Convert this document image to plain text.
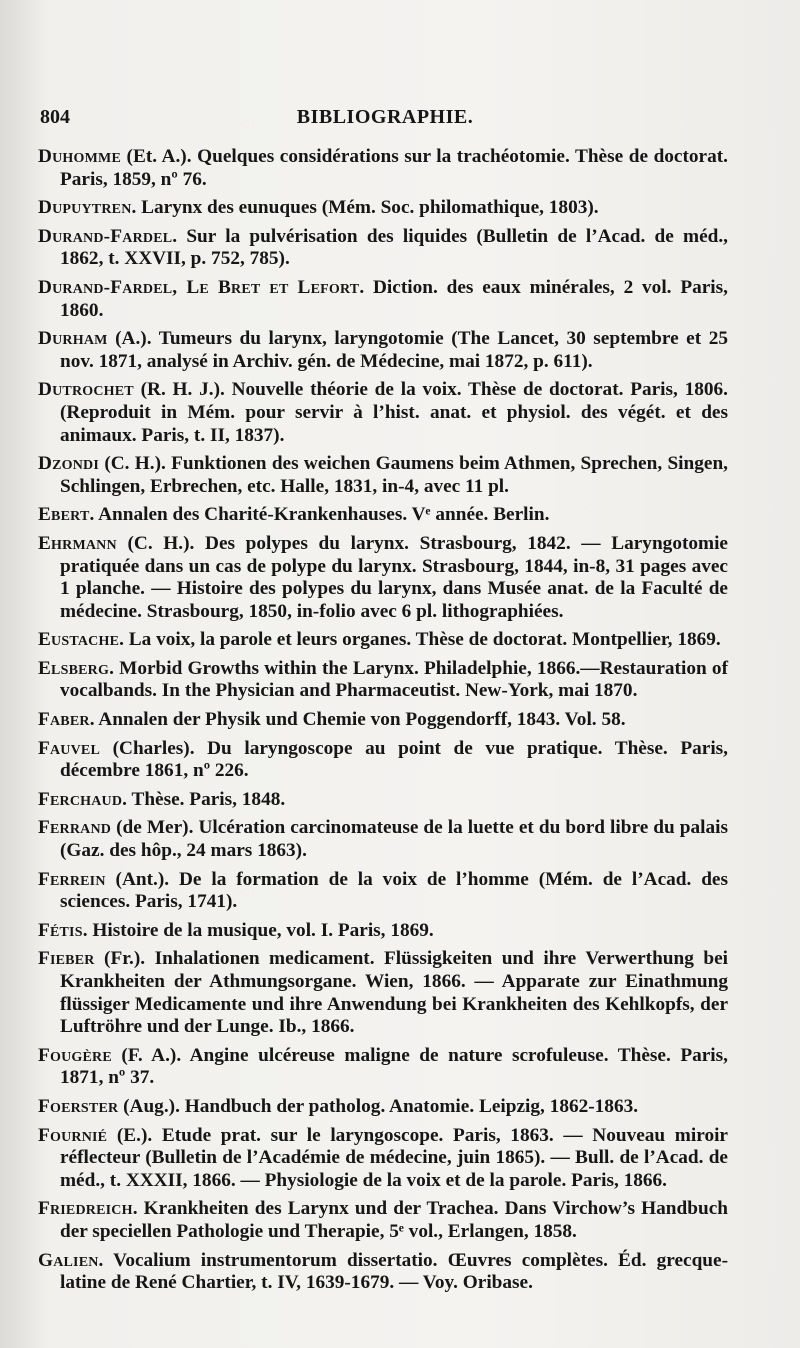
804	BIBLIOGRAPHIE.

Duhomme (Et. A.). Quelques considérations sur la trachéotomie. Thèse de doctorat. Paris, 1859, nº 76.

Dupuytren. Larynx des eunuques (Mém. Soc. philomathique, 1803).

Durand-Fardel. Sur la pulvérisation des liquides (Bulletin de l’Acad. de méd., 1862, t. XXVII, p. 752, 785).

Durand-Fardel, Le Bret et Lefort. Diction. des eaux minérales, 2 vol. Paris, 1860.

Durham (A.). Tumeurs du larynx, laryngotomie (The Lancet, 30 septembre et 25 nov. 1871, analysé in Archiv. gén. de Médecine, mai 1872, p. 611).

Dutrochet (R. H. J.). Nouvelle théorie de la voix. Thèse de doctorat. Paris, 1806. (Reproduit in Mém. pour servir à l’hist. anat. et physiol. des végét. et des animaux. Paris, t. II, 1837).

Dzondi (C. H.). Funktionen des weichen Gaumens beim Athmen, Sprechen, Singen, Schlingen, Erbrechen, etc. Halle, 1831, in-4, avec 11 pl.

Ebert. Annalen des Charité-Krankenhauses. Vᵉ année. Berlin.

Ehrmann (C. H.). Des polypes du larynx. Strasbourg, 1842. — Laryngotomie pratiquée dans un cas de polype du larynx. Strasbourg, 1844, in-8, 31 pages avec 1 planche. — Histoire des polypes du larynx, dans Musée anat. de la Faculté de médecine. Strasbourg, 1850, in-folio avec 6 pl. lithographiées.

Eustache. La voix, la parole et leurs organes. Thèse de doctorat. Montpellier, 1869.

Elsberg. Morbid Growths within the Larynx. Philadelphie, 1866.—Restauration of vocalbands. In the Physician and Pharmaceutist. New-York, mai 1870.

Faber. Annalen der Physik und Chemie von Poggendorff, 1843. Vol. 58.

Fauvel (Charles). Du laryngoscope au point de vue pratique. Thèse. Paris, décembre 1861, nº 226.

Ferchaud. Thèse. Paris, 1848.

Ferrand (de Mer). Ulcération carcinomateuse de la luette et du bord libre du palais (Gaz. des hôp., 24 mars 1863).

Ferrein (Ant.). De la formation de la voix de l’homme (Mém. de l’Acad. des sciences. Paris, 1741).

Fétis. Histoire de la musique, vol. I. Paris, 1869.

Fieber (Fr.). Inhalationen medicament. Flüssigkeiten und ihre Verwerthung bei Krankheiten der Athmungsorgane. Wien, 1866. — Apparate zur Einathmung flüssiger Medicamente und ihre Anwendung bei Krankheiten des Kehlkopfs, der Luftröhre und der Lunge. Ib., 1866.

Fougère (F. A.). Angine ulcéreuse maligne de nature scrofuleuse. Thèse. Paris, 1871, nº 37.

Foerster (Aug.). Handbuch der patholog. Anatomie. Leipzig, 1862-1863.

Fournié (E.). Etude prat. sur le laryngoscope. Paris, 1863. — Nouveau miroir réflecteur (Bulletin de l’Académie de médecine, juin 1865). — Bull. de l’Acad. de méd., t. XXXII, 1866. — Physiologie de la voix et de la parole. Paris, 1866.

Friedreich. Krankheiten des Larynx und der Trachea. Dans Virchow’s Handbuch der speciellen Pathologie und Therapie, 5ᵉ vol., Erlangen, 1858.

Galien. Vocalium instrumentorum dissertatio. Œuvres complètes. Éd. grecque-latine de René Chartier, t. IV, 1639-1679. — Voy. Oribase.
